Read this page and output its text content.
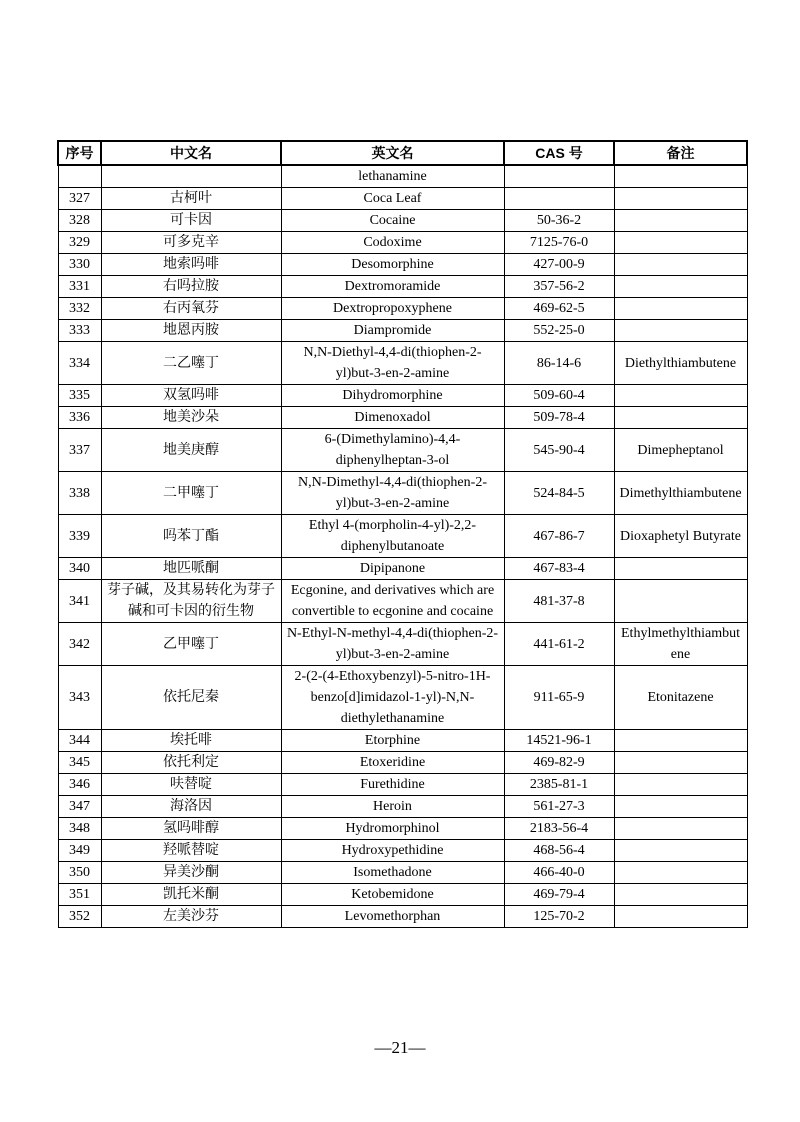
序号	中文名	英文名	CAS 号	备注
		lethanamine		
327	古柯叶	Coca Leaf		
328	可卡因	Cocaine	50-36-2	
329	可多克辛	Codoxime	7125-76-0	
330	地索吗啡	Desomorphine	427-00-9	
331	右吗拉胺	Dextromoramide	357-56-2	
332	右丙氧芬	Dextropropoxyphene	469-62-5	
333	地恩丙胺	Diampromide	552-25-0	
334	二乙噻丁	N,N-Diethyl-4,4-di(thiophen-2-yl)but-3-en-2-amine	86-14-6	Diethylthiambutene
335	双氢吗啡	Dihydromorphine	509-60-4	
336	地美沙朵	Dimenoxadol	509-78-4	
337	地美庚醇	6-(Dimethylamino)-4,4-diphenylheptan-3-ol	545-90-4	Dimepheptanol
338	二甲噻丁	N,N-Dimethyl-4,4-di(thiophen-2-yl)but-3-en-2-amine	524-84-5	Dimethylthiambutene
339	吗苯丁酯	Ethyl 4-(morpholin-4-yl)-2,2-diphenylbutanoate	467-86-7	Dioxaphetyl Butyrate
340	地匹哌酮	Dipipanone	467-83-4	
341	芽子碱，及其易转化为芽子碱和可卡因的衍生物	Ecgonine, and derivatives which are convertible to ecgonine and cocaine	481-37-8	
342	乙甲噻丁	N-Ethyl-N-methyl-4,4-di(thiophen-2-yl)but-3-en-2-amine	441-61-2	Ethylmethylthiambutene
343	依托尼秦	2-(2-(4-Ethoxybenzyl)-5-nitro-1H-benzo[d]imidazol-1-yl)-N,N-diethylethanamine	911-65-9	Etonitazene
344	埃托啡	Etorphine	14521-96-1	
345	依托利定	Etoxeridine	469-82-9	
346	呋替啶	Furethidine	2385-81-1	
347	海洛因	Heroin	561-27-3	
348	氢吗啡醇	Hydromorphinol	2183-56-4	
349	羟哌替啶	Hydroxypethidine	468-56-4	
350	异美沙酮	Isomethadone	466-40-0	
351	凯托米酮	Ketobemidone	469-79-4	
352	左美沙芬	Levomethorphan	125-70-2	
—21—
